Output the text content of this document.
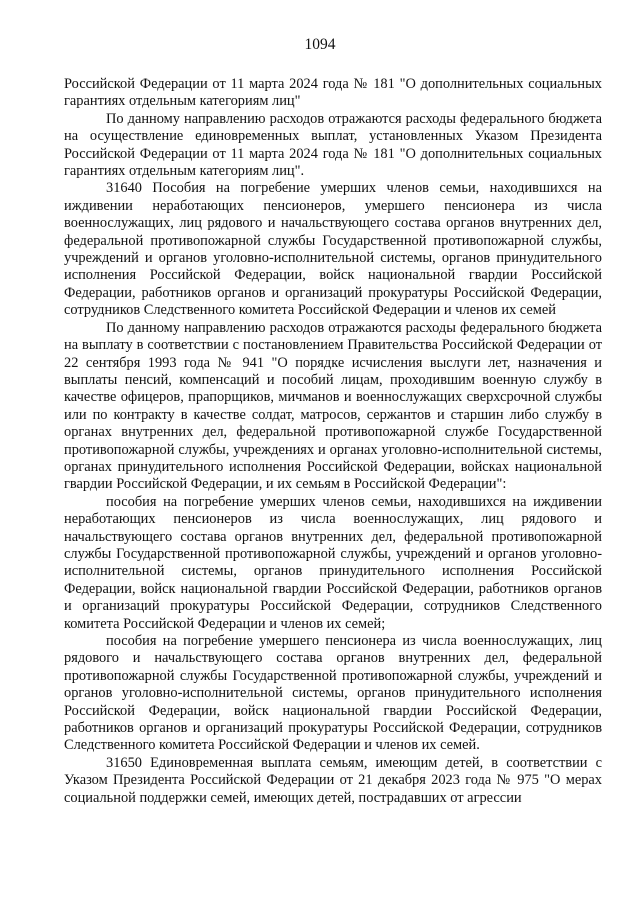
1094

Российской Федерации от 11 марта 2024 года № 181 "О дополнительных социальных гарантиях отдельным категориям лиц"

По данному направлению расходов отражаются расходы федерального бюджета на осуществление единовременных выплат, установленных Указом Президента Российской Федерации от 11 марта 2024 года № 181 "О дополнительных социальных гарантиях отдельным категориям лиц".

31640 Пособия на погребение умерших членов семьи, находившихся на иждивении неработающих пенсионеров, умершего пенсионера из числа военнослужащих, лиц рядового и начальствующего состава органов внутренних дел, федеральной противопожарной службы Государственной противопожарной службы, учреждений и органов уголовно-исполнительной системы, органов принудительного исполнения Российской Федерации, войск национальной гвардии Российской Федерации, работников органов и организаций прокуратуры Российской Федерации, сотрудников Следственного комитета Российской Федерации и членов их семей

По данному направлению расходов отражаются расходы федерального бюджета на выплату в соответствии с постановлением Правительства Российской Федерации от 22 сентября 1993 года № 941 "О порядке исчисления выслуги лет, назначения и выплаты пенсий, компенсаций и пособий лицам, проходившим военную службу в качестве офицеров, прапорщиков, мичманов и военнослужащих сверхсрочной службы или по контракту в качестве солдат, матросов, сержантов и старшин либо службу в органах внутренних дел, федеральной противопожарной службе Государственной противопожарной службы, учреждениях и органах уголовно-исполнительной системы, органах принудительного исполнения Российской Федерации, войсках национальной гвардии Российской Федерации, и их семьям в Российской Федерации":

пособия на погребение умерших членов семьи, находившихся на иждивении неработающих пенсионеров из числа военнослужащих, лиц рядового и начальствующего состава органов внутренних дел, федеральной противопожарной службы Государственной противопожарной службы, учреждений и органов уголовно-исполнительной системы, органов принудительного исполнения Российской Федерации, войск национальной гвардии Российской Федерации, работников органов и организаций прокуратуры Российской Федерации, сотрудников Следственного комитета Российской Федерации и членов их семей;

пособия на погребение умершего пенсионера из числа военнослужащих, лиц рядового и начальствующего состава органов внутренних дел, федеральной противопожарной службы Государственной противопожарной службы, учреждений и органов уголовно-исполнительной системы, органов принудительного исполнения Российской Федерации, войск национальной гвардии Российской Федерации, работников органов и организаций прокуратуры Российской Федерации, сотрудников Следственного комитета Российской Федерации и членов их семей.

31650 Единовременная выплата семьям, имеющим детей, в соответствии с Указом Президента Российской Федерации от 21 декабря 2023 года № 975 "О мерах социальной поддержки семей, имеющих детей, пострадавших от агрессии
